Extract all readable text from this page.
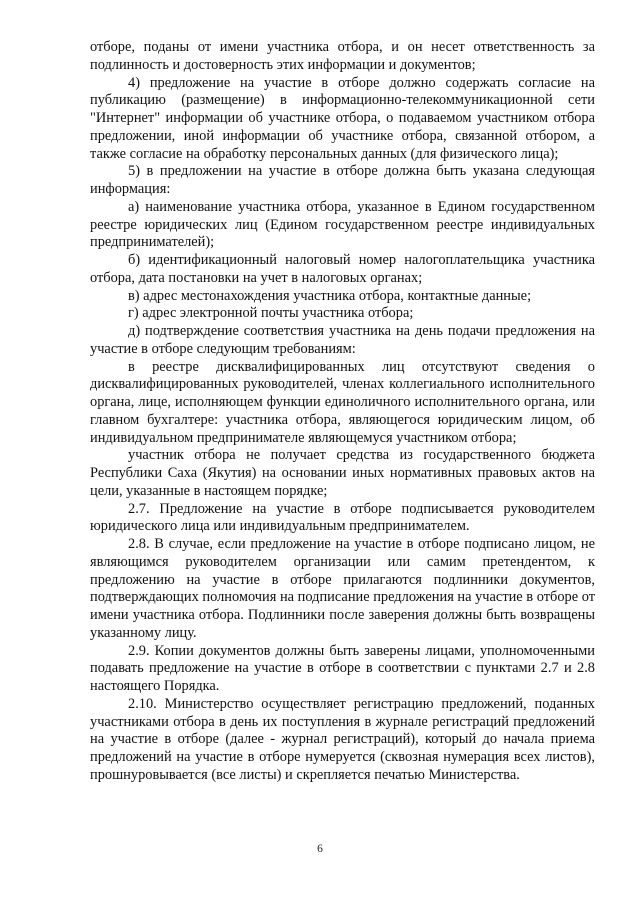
отборе, поданы от имени участника отбора, и он несет ответственность за подлинность и достоверность этих информации и документов;

4) предложение на участие в отборе должно содержать согласие на публикацию (размещение) в информационно-телекоммуникационной сети "Интернет" информации об участнике отбора, о подаваемом участником отбора предложении, иной информации об участнике отбора, связанной отбором, а также согласие на обработку персональных данных (для физического лица);

5) в предложении на участие в отборе должна быть указана следующая информация:

а) наименование участника отбора, указанное в Едином государственном реестре юридических лиц (Едином государственном реестре индивидуальных предпринимателей);

б) идентификационный налоговый номер налогоплательщика участника отбора, дата постановки на учет в налоговых органах;

в) адрес местонахождения участника отбора, контактные данные;

г) адрес электронной почты участника отбора;

д) подтверждение соответствия участника на день подачи предложения на участие в отборе следующим требованиям:

в реестре дисквалифицированных лиц отсутствуют сведения о дисквалифицированных руководителей, членах коллегиального исполнительного органа, лице, исполняющем функции единоличного исполнительного органа, или главном бухгалтере: участника отбора, являющегося юридическим лицом, об индивидуальном предпринимателе являющемуся участником отбора;

участник отбора не получает средства из государственного бюджета Республики Саха (Якутия) на основании иных нормативных правовых актов на цели, указанные в настоящем порядке;

2.7. Предложение на участие в отборе подписывается руководителем юридического лица или индивидуальным предпринимателем.

2.8. В случае, если предложение на участие в отборе подписано лицом, не являющимся руководителем организации или самим претендентом, к предложению на участие в отборе прилагаются подлинники документов, подтверждающих полномочия на подписание предложения на участие в отборе от имени участника отбора. Подлинники после заверения должны быть возвращены указанному лицу.

2.9. Копии документов должны быть заверены лицами, уполномоченными подавать предложение на участие в отборе в соответствии с пунктами 2.7 и 2.8 настоящего Порядка.

2.10. Министерство осуществляет регистрацию предложений, поданных участниками отбора в день их поступления в журнале регистраций предложений на участие в отборе (далее - журнал регистраций), который до начала приема предложений на участие в отборе нумеруется (сквозная нумерация всех листов), прошнуровывается (все листы) и скрепляется печатью Министерства.

6
